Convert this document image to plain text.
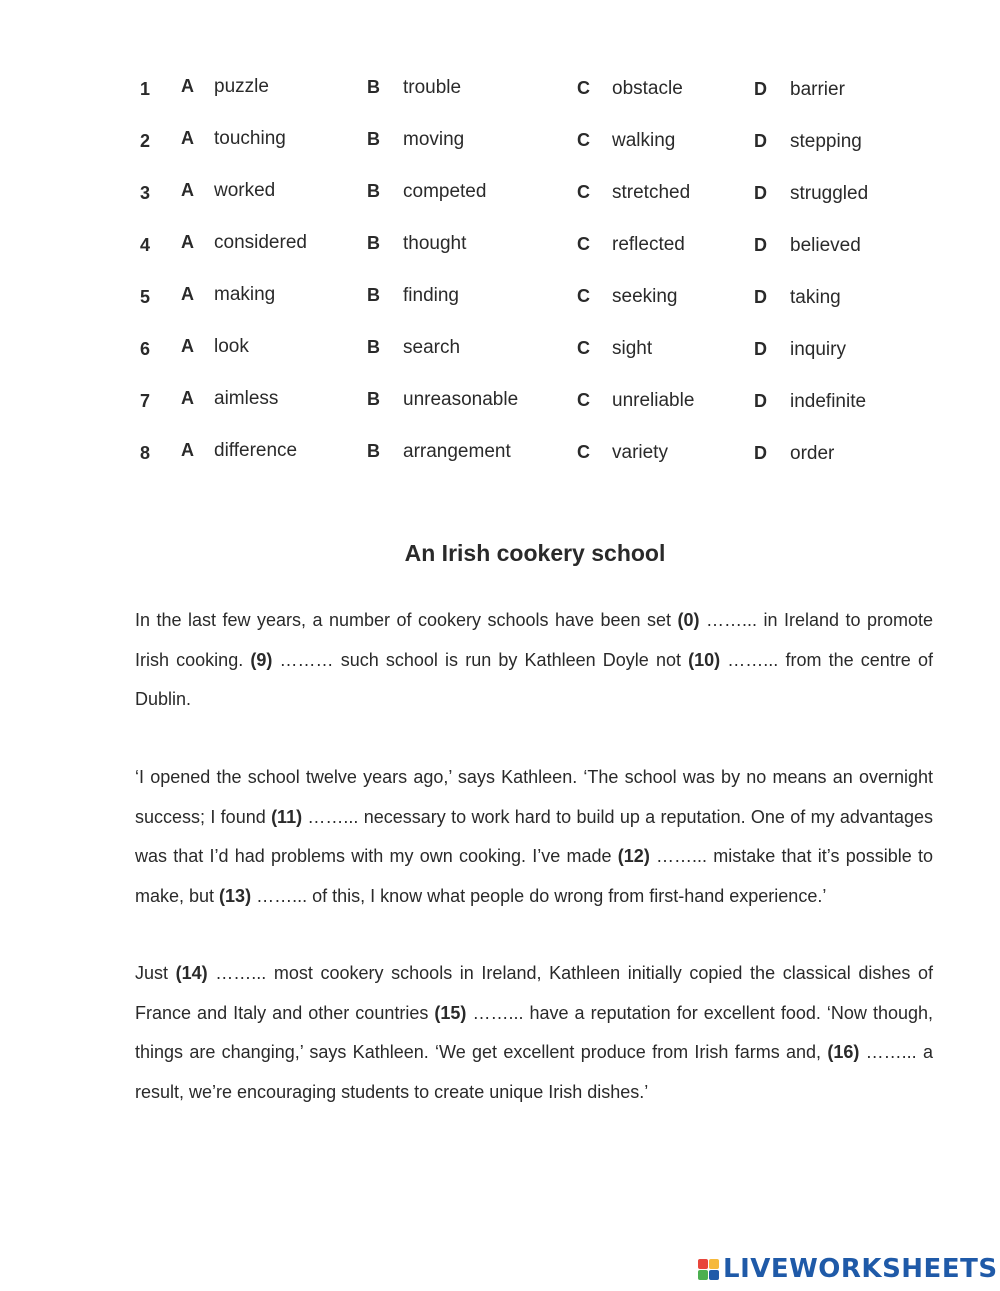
1 A puzzle	B trouble	C obstacle	D barrier
2 A touching	B moving	C walking	D stepping
3 A worked	B competed	C stretched	D struggled
4 A considered	B thought	C reflected	D believed
5 A making	B finding	C seeking	D taking
6 A look	B search	C sight	D inquiry
7 A aimless	B unreasonable	C unreliable	D indefinite
8 A difference	B arrangement	C variety	D order
An Irish cookery school
In the last few years, a number of cookery schools have been set (0) ……... in Ireland to promote Irish cooking. (9) ……… such school is run by Kathleen Doyle not (10) ……... from the centre of Dublin.
‘I opened the school twelve years ago,’ says Kathleen. ‘The school was by no means an overnight success; I found (11) ……... necessary to work hard to build up a reputation. One of my advantages was that I’d had problems with my own cooking. I’ve made (12) ……... mistake that it’s possible to make, but (13) ……... of this, I know what people do wrong from first-hand experience.’
Just (14) ……... most cookery schools in Ireland, Kathleen initially copied the classical dishes of France and Italy and other countries (15) ……... have a reputation for excellent food. ‘Now though, things are changing,’ says Kathleen. ‘We get excellent produce from Irish farms and, (16) ……... a result, we’re encouraging students to create unique Irish dishes.’
LIVEWORKSHEETS
